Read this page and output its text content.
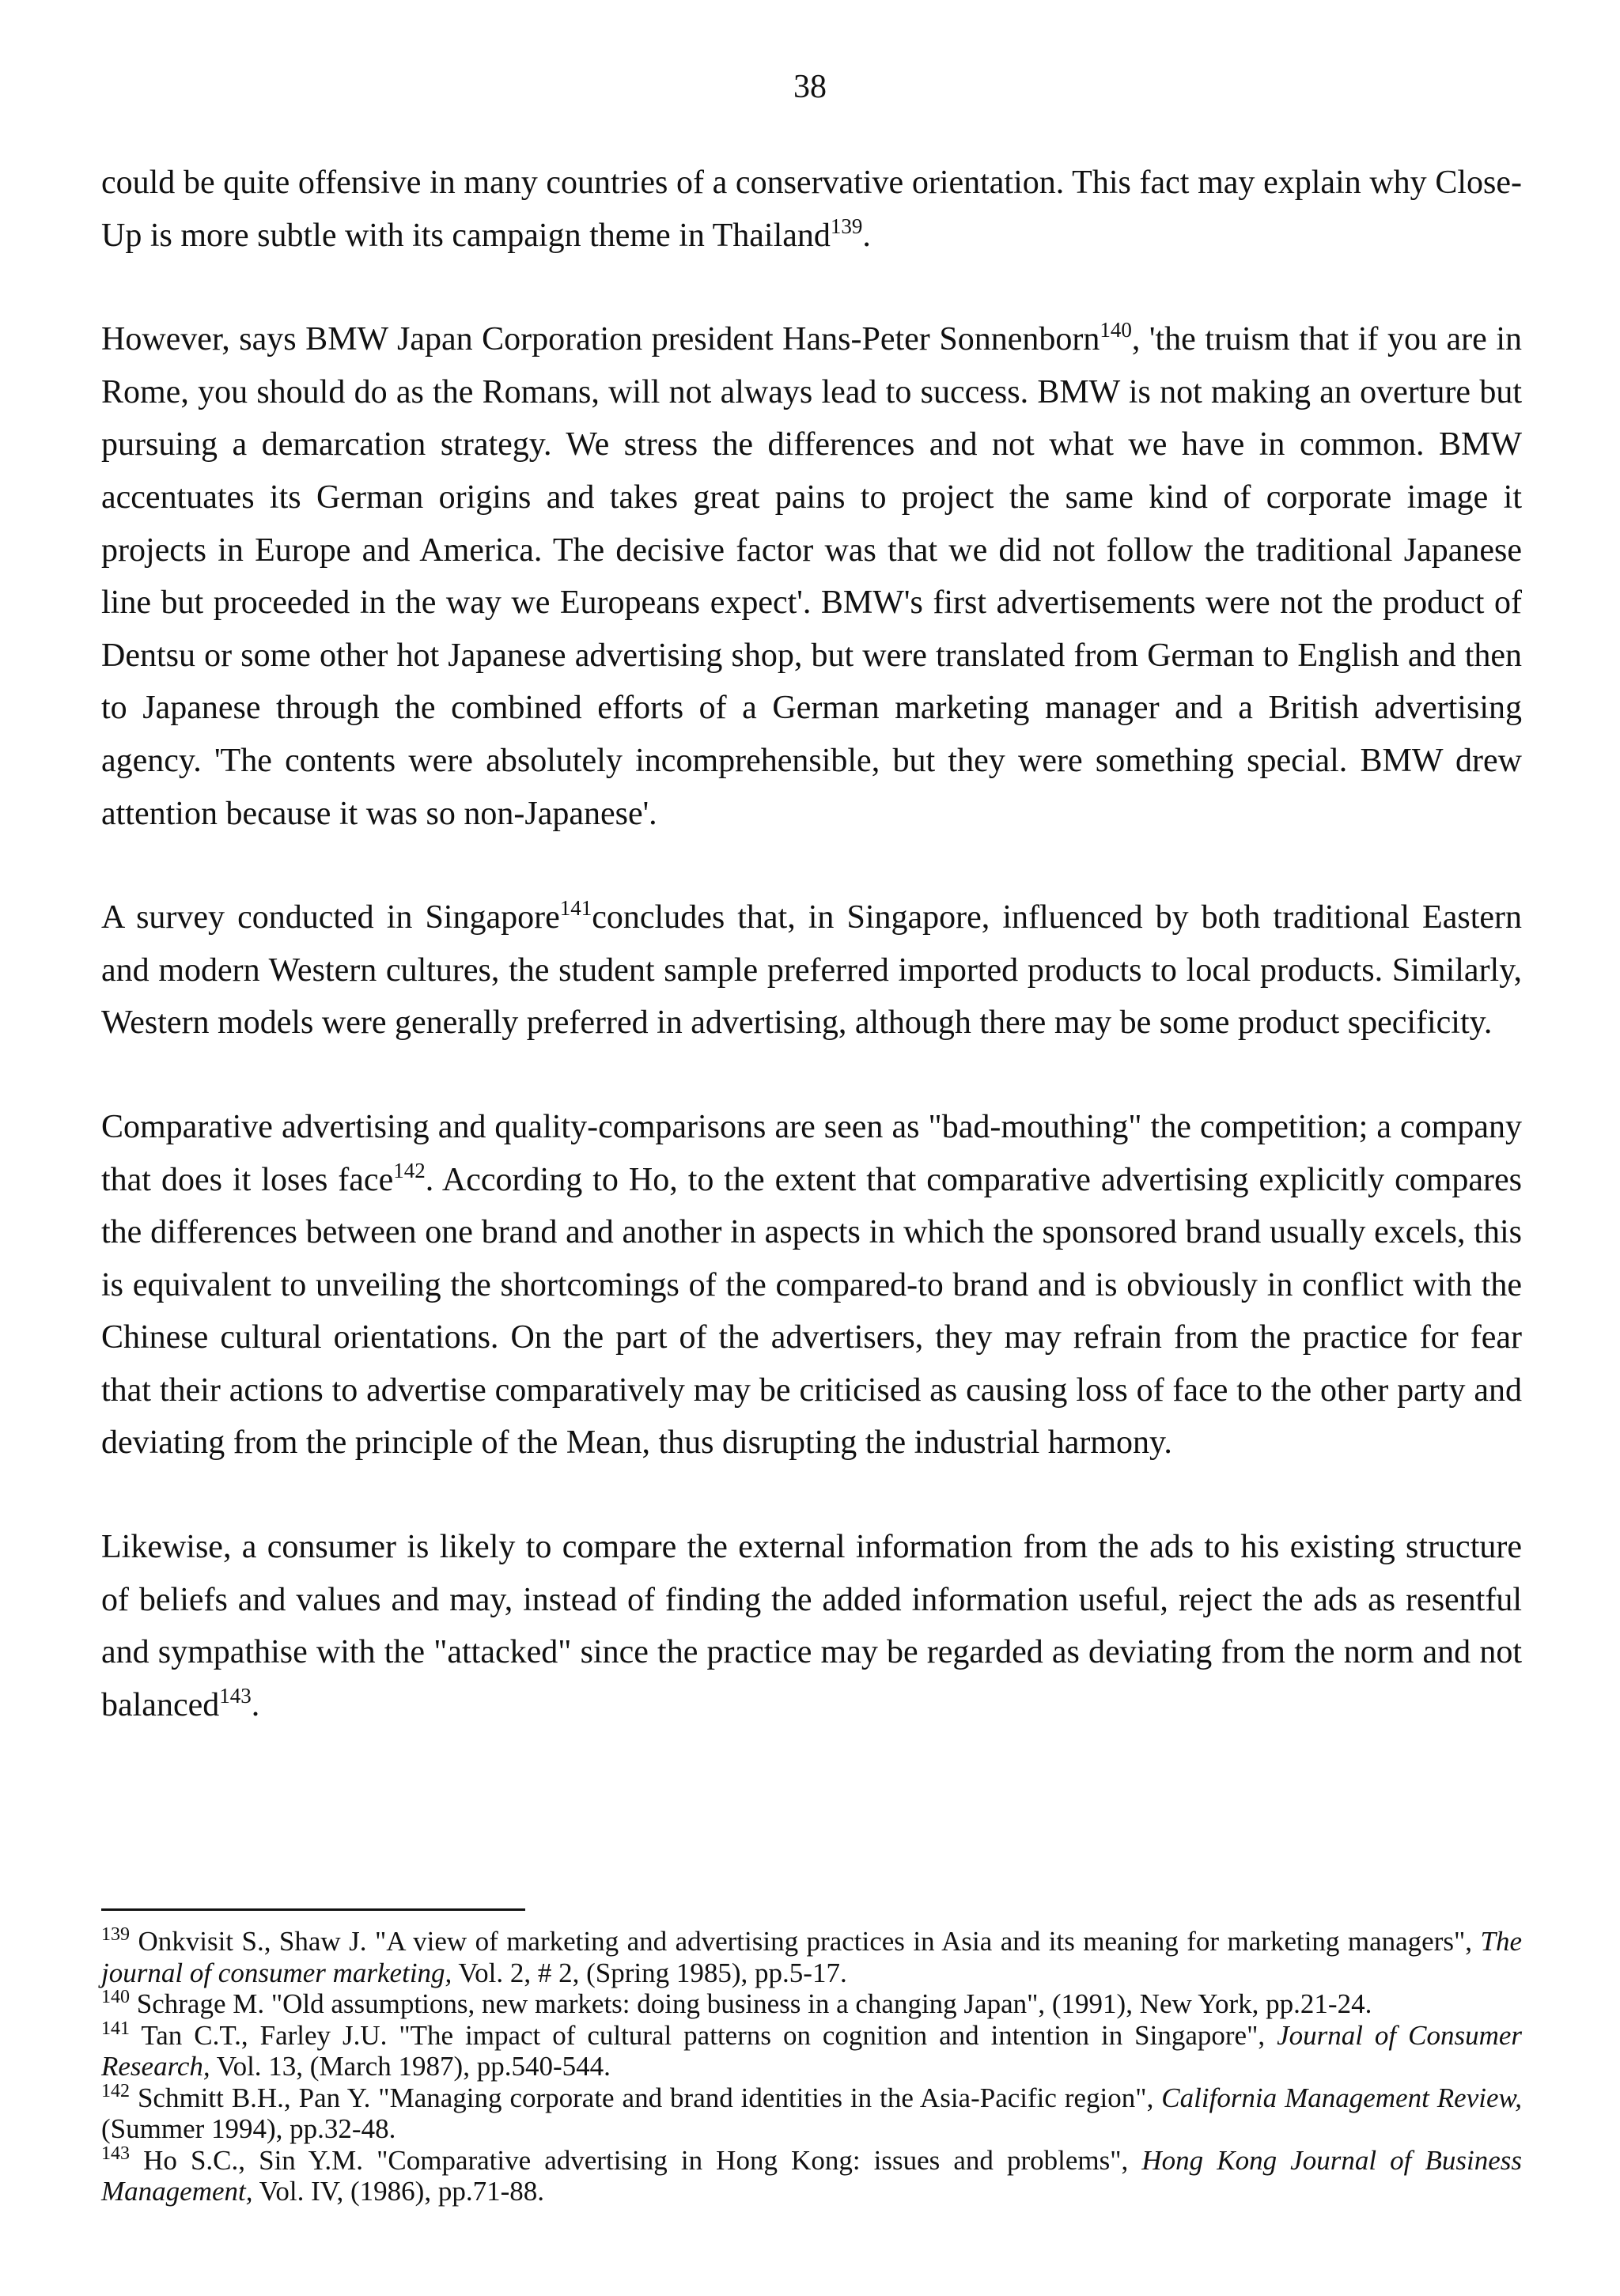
38

could be quite offensive in many countries of a conservative orientation. This fact may explain why Close-Up is more subtle with its campaign theme in Thailand$^{139}$.

However, says BMW Japan Corporation president Hans-Peter Sonnenborn$^{140}$, 'the truism that if you are in Rome, you should do as the Romans, will not always lead to success. BMW is not making an overture but pursuing a demarcation strategy. We stress the differences and not what we have in common. BMW accentuates its German origins and takes great pains to project the same kind of corporate image it projects in Europe and America. The decisive factor was that we did not follow the traditional Japanese line but proceeded in the way we Europeans expect'. BMW's first advertisements were not the product of Dentsu or some other hot Japanese advertising shop, but were translated from German to English and then to Japanese through the combined efforts of a German marketing manager and a British advertising agency. 'The contents were absolutely incomprehensible, but they were something special. BMW drew attention because it was so non-Japanese'.

A survey conducted in Singapore$^{141}$concludes that, in Singapore, influenced by both traditional Eastern and modern Western cultures, the student sample preferred imported products to local products. Similarly, Western models were generally preferred in advertising, although there may be some product specificity.

Comparative advertising and quality-comparisons are seen as "bad-mouthing" the competition; a company that does it loses face$^{142}$. According to Ho, to the extent that comparative advertising explicitly compares the differences between one brand and another in aspects in which the sponsored brand usually excels, this is equivalent to unveiling the shortcomings of the compared-to brand and is obviously in conflict with the Chinese cultural orientations. On the part of the advertisers, they may refrain from the practice for fear that their actions to advertise comparatively may be criticised as causing loss of face to the other party and deviating from the principle of the Mean, thus disrupting the industrial harmony.

Likewise, a consumer is likely to compare the external information from the ads to his existing structure of beliefs and values and may, instead of finding the added information useful, reject the ads as resentful and sympathise with the "attacked" since the practice may be regarded as deviating from the norm and not balanced$^{143}$.

$^{139}$ Onkvisit S., Shaw J. "A view of marketing and advertising practices in Asia and its meaning for marketing managers", The journal of consumer marketing, Vol. 2, # 2, (Spring 1985), pp.5-17.

$^{140}$ Schrage M. "Old assumptions, new markets: doing business in a changing Japan", (1991), New York, pp.21-24.

$^{141}$ Tan C.T., Farley J.U. "The impact of cultural patterns on cognition and intention in Singapore", Journal of Consumer Research, Vol. 13, (March 1987), pp.540-544.

$^{142}$ Schmitt B.H., Pan Y. "Managing corporate and brand identities in the Asia-Pacific region", California Management Review, (Summer 1994), pp.32-48.

$^{143}$ Ho S.C., Sin Y.M. "Comparative advertising in Hong Kong: issues and problems", Hong Kong Journal of Business Management, Vol. IV, (1986), pp.71-88.
